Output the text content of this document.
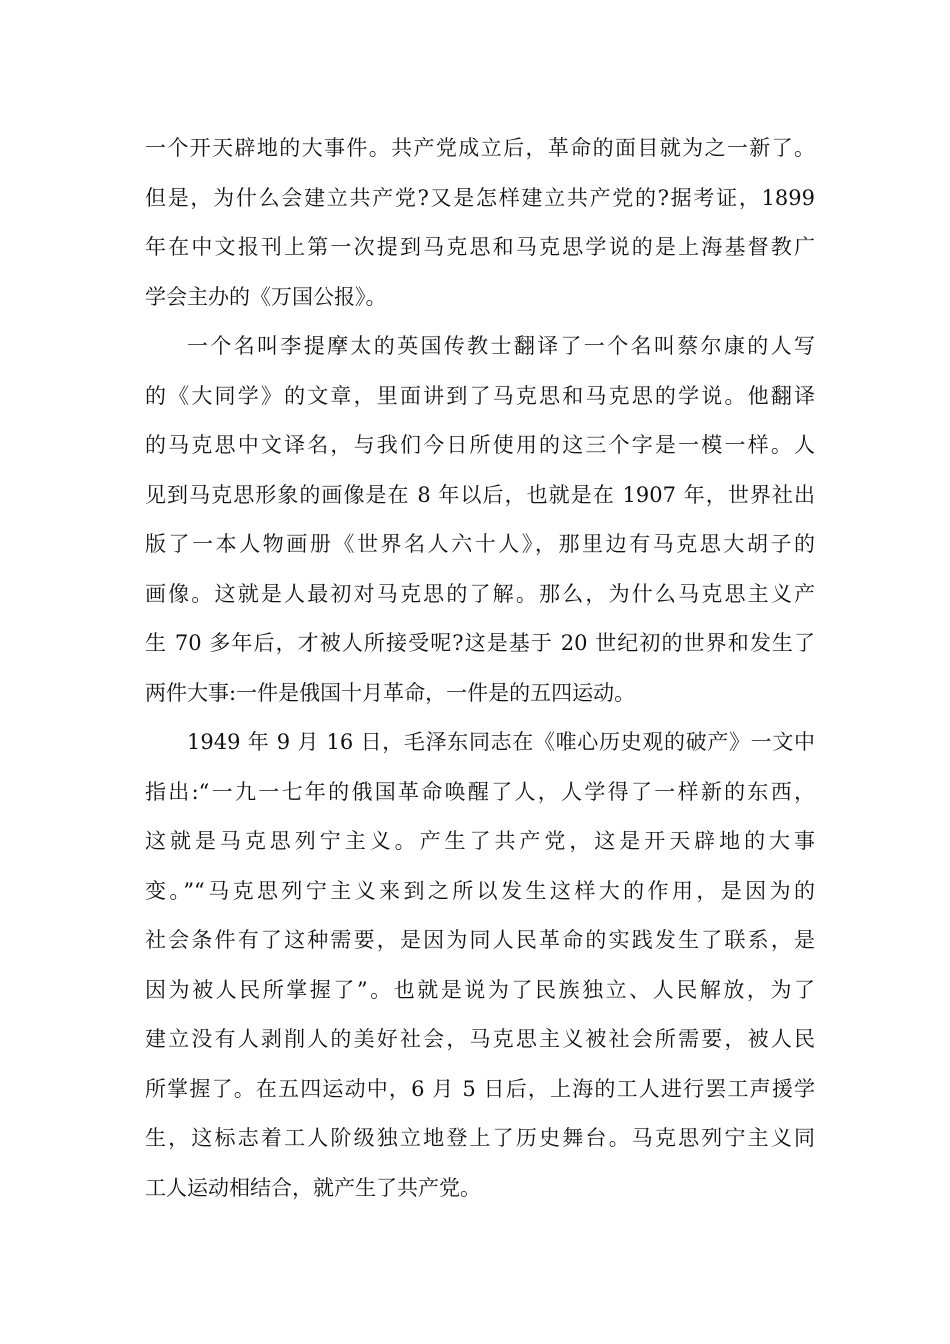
一个开天辟地的大事件。共产党成立后，革命的面目就为之一新了。
但是，为什么会建立共产党?又是怎样建立共产党的?据考证，1899
年在中文报刊上第一次提到马克思和马克思学说的是上海基督教广
学会主办的《万国公报》。
一个名叫李提摩太的英国传教士翻译了一个名叫蔡尔康的人写
的《大同学》的文章，里面讲到了马克思和马克思的学说。他翻译
的马克思中文译名，与我们今日所使用的这三个字是一模一样。人
见到马克思形象的画像是在 8 年以后，也就是在 1907 年，世界社出
版了一本人物画册《世界名人六十人》，那里边有马克思大胡子的
画像。这就是人最初对马克思的了解。那么，为什么马克思主义产
生 70 多年后，才被人所接受呢?这是基于 20 世纪初的世界和发生了
两件大事:一件是俄国十月革命，一件是的五四运动。
1949 年 9 月 16 日，毛泽东同志在《唯心历史观的破产》一文中
指出:“一九一七年的俄国革命唤醒了人，人学得了一样新的东西，
这就是马克思列宁主义。产生了共产党，这是开天辟地的大事
变。”“马克思列宁主义来到之所以发生这样大的作用，是因为的
社会条件有了这种需要，是因为同人民革命的实践发生了联系，是
因为被人民所掌握了”。也就是说为了民族独立、人民解放，为了
建立没有人剥削人的美好社会，马克思主义被社会所需要，被人民
所掌握了。在五四运动中，6 月 5 日后，上海的工人进行罢工声援学
生，这标志着工人阶级独立地登上了历史舞台。马克思列宁主义同
工人运动相结合，就产生了共产党。
